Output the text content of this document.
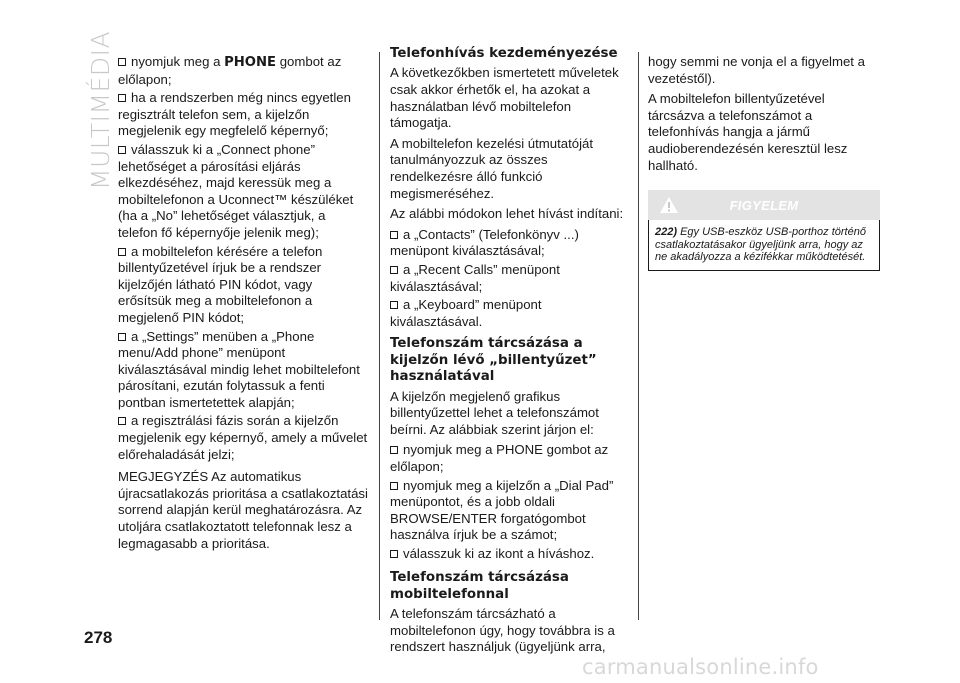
MULTIMÉDIA	nyomjuk meg a PHONE gombot az előlapon;

ha a rendszerben még nincs egyetlen regisztrált telefon sem, a kijelzőn megjelenik egy megfelelő képernyő;

válasszuk ki a „Connect phone” lehetőséget a párosítási eljárás elkezdéséhez, majd keressük meg a mobiltelefonon a Uconnect™ készüléket (ha a „No” lehetőséget választjuk, a telefon fő képernyője jelenik meg);

a mobiltelefon kérésére a telefon billentyűzetével írjuk be a rendszer kijelzőjén látható PIN kódot, vagy erősítsük meg a mobiltelefonon a megjelenő PIN kódot;

a „Settings” menüben a „Phone menu/Add phone” menüpont kiválasztásával mindig lehet mobiltelefont párosítani, ezután folytassuk a fenti pontban ismertetettek alapján;

a regisztrálási fázis során a kijelzőn megjelenik egy képernyő, amely a művelet előrehaladását jelzi;

MEGJEGYZÉS Az automatikus újracsatlakozás prioritása a csatlakoztatási sorrend alapján kerül meghatározásra. Az utoljára csatlakoztatott telefonnak lesz a legmagasabb a prioritása.

Telefonhívás kezdeményezése

A következőkben ismertetett műveletek csak akkor érhetők el, ha azokat a használatban lévő mobiltelefon támogatja.

A mobiltelefon kezelési útmutatóját tanulmányozzuk az összes rendelkezésre álló funkció megismeréséhez.

Az alábbi módokon lehet hívást indítani:

a „Contacts” (Telefonkönyv ...) menüpont kiválasztásával;

a „Recent Calls” menüpont kiválasztásával;

a „Keyboard” menüpont kiválasztásával.

Telefonszám tárcsázása a kijelzőn lévő „billentyűzet” használatával

A kijelzőn megjelenő grafikus billentyűzettel lehet a telefonszámot beírni. Az alábbiak szerint járjon el:

nyomjuk meg a PHONE gombot az előlapon;

nyomjuk meg a kijelzőn a „Dial Pad” menüpontot, és a jobb oldali BROWSE/ENTER forgatógombot használva írjuk be a számot;

válasszuk ki az ikont a híváshoz.

Telefonszám tárcsázása mobiltelefonnal

A telefonszám tárcsázható a mobiltelefonon úgy, hogy továbbra is a rendszert használjuk (ügyeljünk arra,

hogy semmi ne vonja el a figyelmet a vezetéstől).

A mobiltelefon billentyűzetével tárcsázva a telefonszámot a telefonhívás hangja a jármű audioberendezésén keresztül lesz hallható.

FIGYELEM
222) Egy USB-eszköz USB-porthoz történő csatlakoztatásakor ügyeljünk arra, hogy az ne akadályozza a kézifékkar működtetését.
278
carmanualsonline.info
